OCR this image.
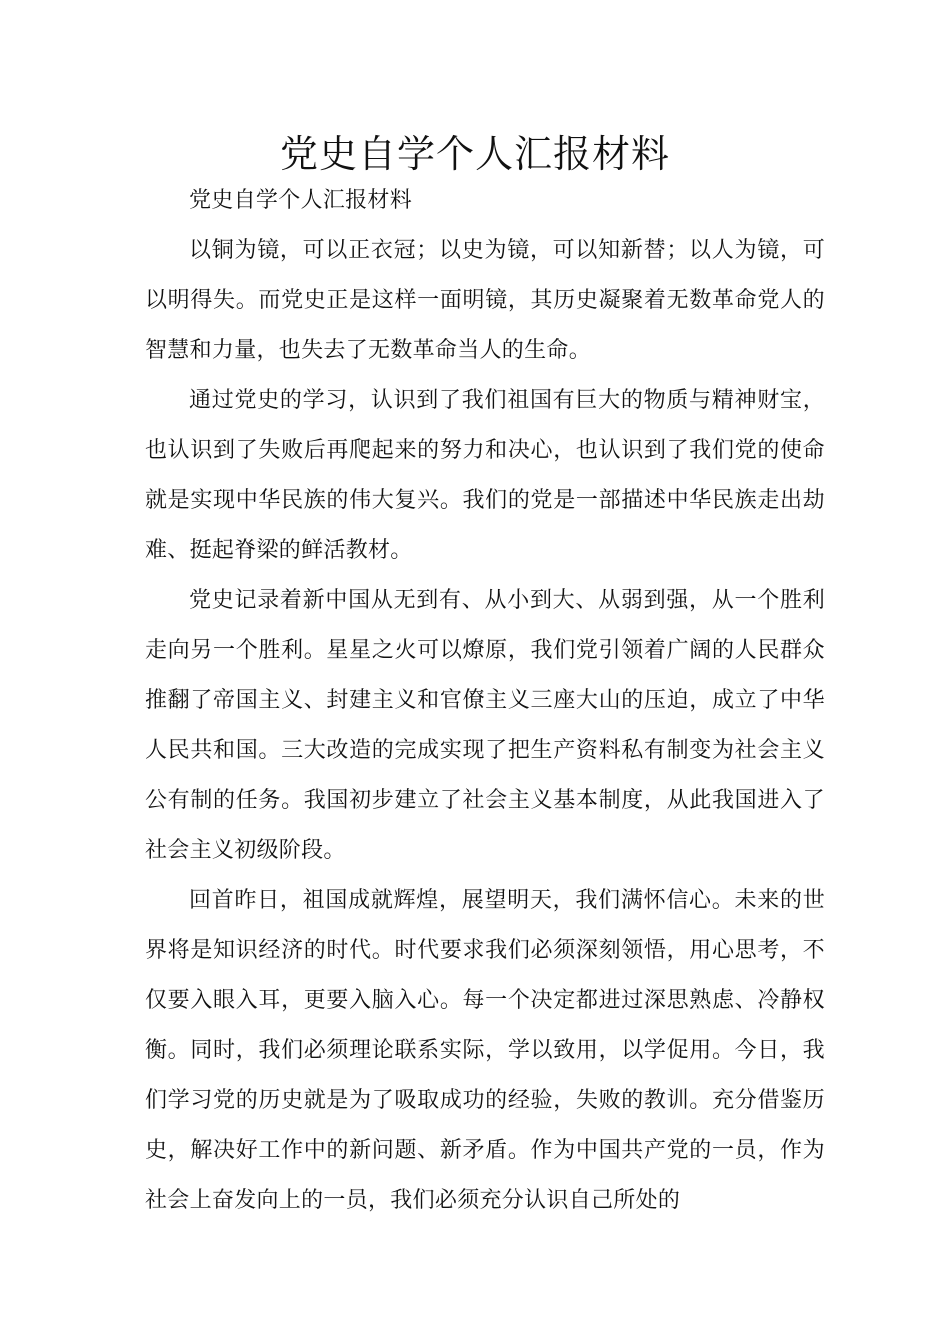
党史自学个人汇报材料

党史自学个人汇报材料

以铜为镜，可以正衣冠；以史为镜，可以知新替；以人为镜，可以明得失。而党史正是这样一面明镜，其历史凝聚着无数革命党人的智慧和力量，也失去了无数革命当人的生命。

通过党史的学习，认识到了我们祖国有巨大的物质与精神财宝，也认识到了失败后再爬起来的努力和决心，也认识到了我们党的使命就是实现中华民族的伟大复兴。我们的党是一部描述中华民族走出劫难、挺起脊梁的鲜活教材。

党史记录着新中国从无到有、从小到大、从弱到强，从一个胜利走向另一个胜利。星星之火可以燎原，我们党引领着广阔的人民群众推翻了帝国主义、封建主义和官僚主义三座大山的压迫，成立了中华人民共和国。三大改造的完成实现了把生产资料私有制变为社会主义公有制的任务。我国初步建立了社会主义基本制度，从此我国进入了社会主义初级阶段。

回首昨日，祖国成就辉煌，展望明天，我们满怀信心。未来的世界将是知识经济的时代。时代要求我们必须深刻领悟，用心思考，不仅要入眼入耳，更要入脑入心。每一个决定都进过深思熟虑、冷静权衡。同时，我们必须理论联系实际，学以致用，以学促用。今日，我们学习党的历史就是为了吸取成功的经验，失败的教训。充分借鉴历史，解决好工作中的新问题、新矛盾。作为中国共产党的一员，作为社会上奋发向上的一员，我们必须充分认识自己所处的
